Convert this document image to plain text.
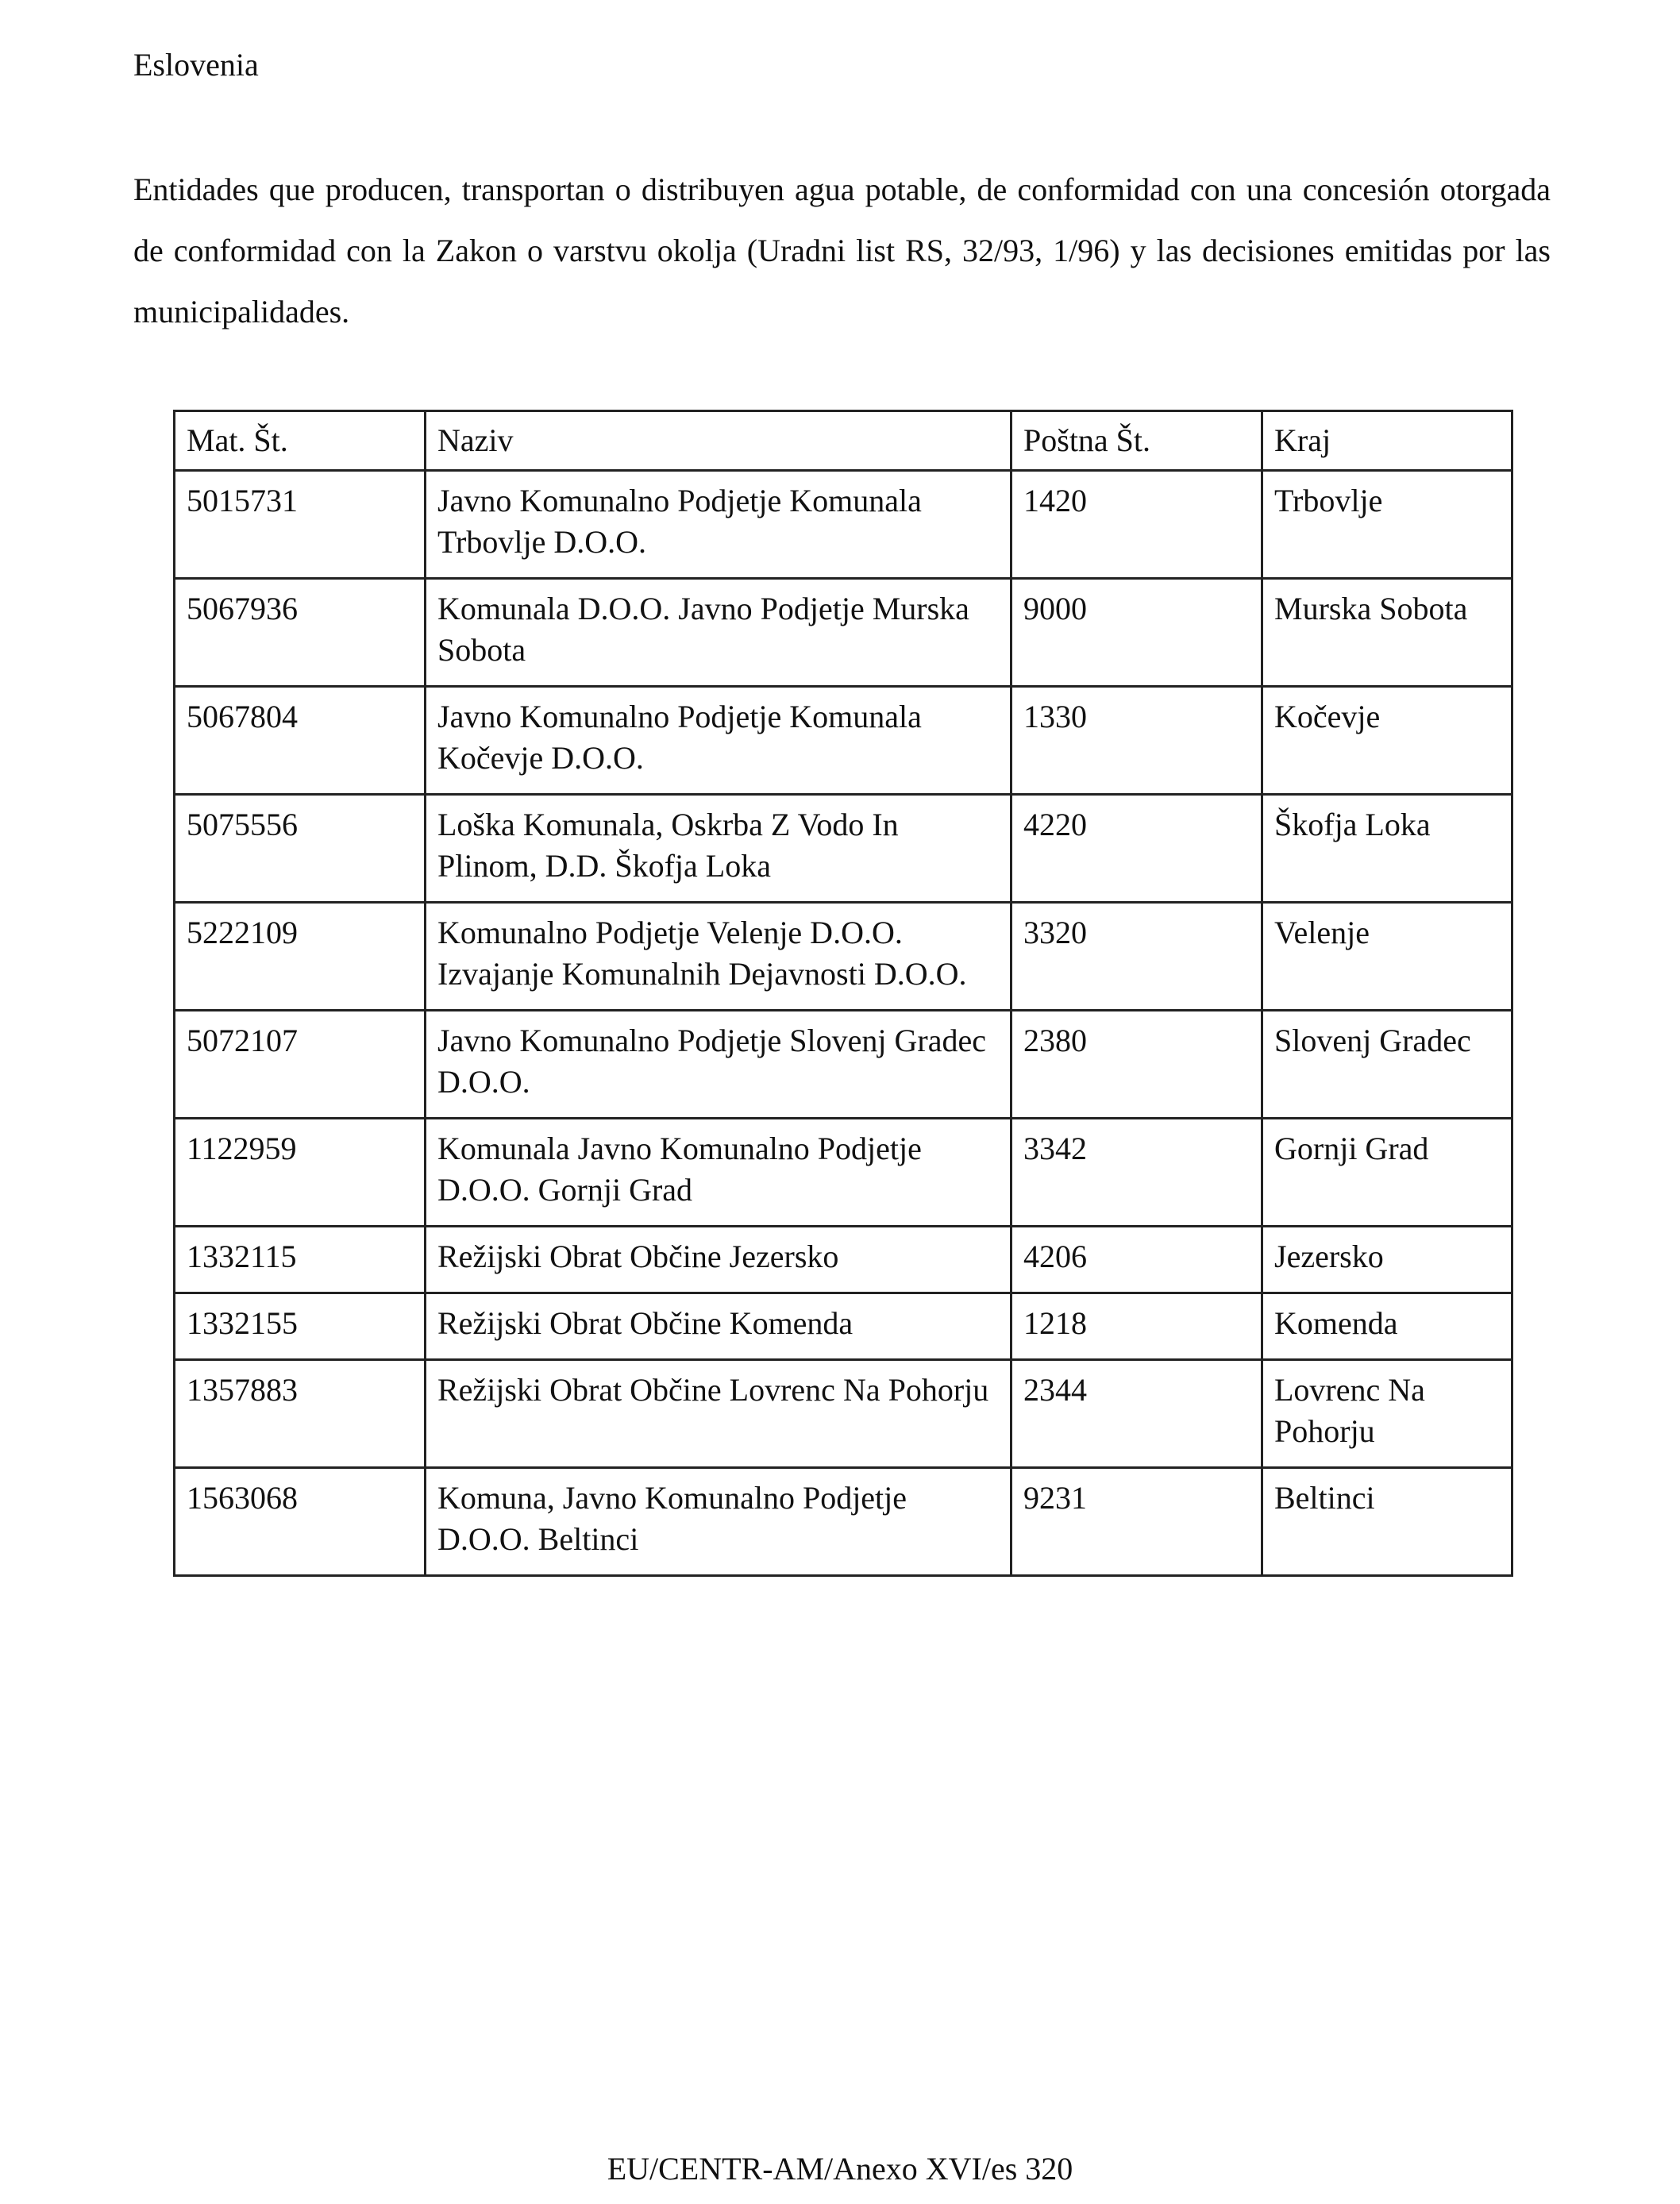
Eslovenia

Entidades que producen, transportan o distribuyen agua potable, de conformidad con una concesión otorgada de conformidad con la Zakon o varstvu okolja (Uradni list RS, 32/93, 1/96) y las decisiones emitidas por las municipalidades.

Mat. Št.	Naziv	Poštna Št.	Kraj
5015731	Javno Komunalno Podjetje Komunala Trbovlje D.O.O.	1420	Trbovlje
5067936	Komunala D.O.O. Javno Podjetje Murska Sobota	9000	Murska Sobota
5067804	Javno Komunalno Podjetje Komunala Kočevje D.O.O.	1330	Kočevje
5075556	Loška Komunala, Oskrba Z Vodo In Plinom, D.D. Škofja Loka	4220	Škofja Loka
5222109	Komunalno Podjetje Velenje D.O.O. Izvajanje Komunalnih Dejavnosti D.O.O.	3320	Velenje
5072107	Javno Komunalno Podjetje Slovenj Gradec D.O.O.	2380	Slovenj Gradec
1122959	Komunala Javno Komunalno Podjetje D.O.O. Gornji Grad	3342	Gornji Grad
1332115	Režijski Obrat Občine Jezersko	4206	Jezersko
1332155	Režijski Obrat Občine Komenda	1218	Komenda
1357883	Režijski Obrat Občine Lovrenc Na Pohorju	2344	Lovrenc Na Pohorju
1563068	Komuna, Javno Komunalno Podjetje D.O.O. Beltinci	9231	Beltinci

EU/CENTR-AM/Anexo XVI/es 320
